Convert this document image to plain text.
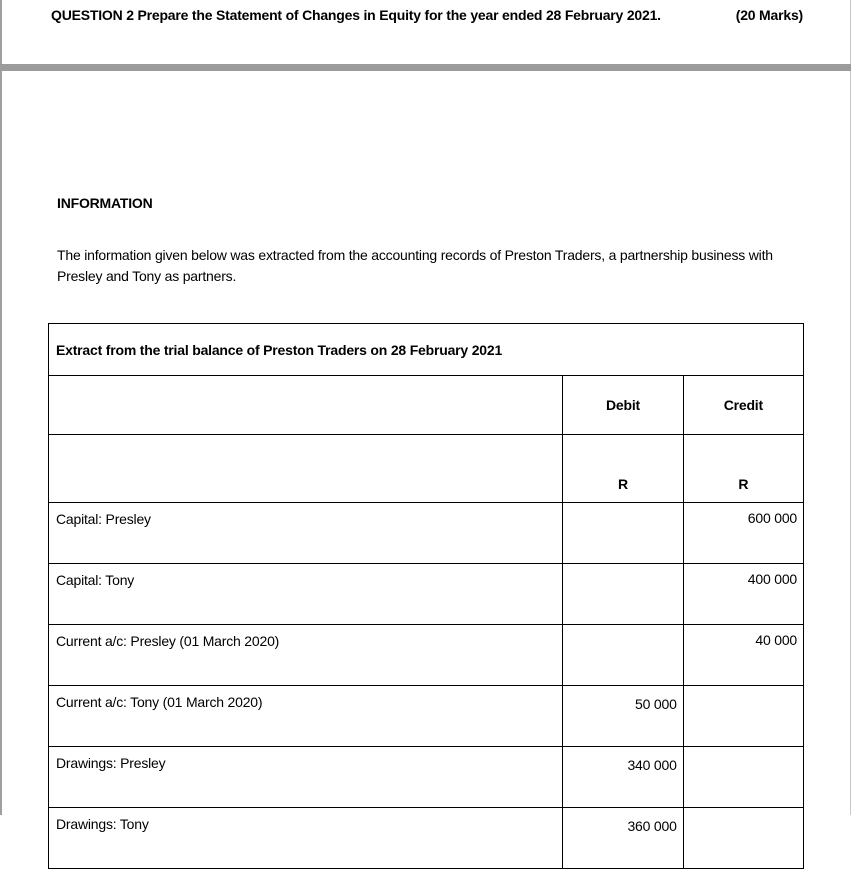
QUESTION 2 Prepare the Statement of Changes in Equity for the year ended 28 February 2021.	(20 Marks)
INFORMATION
The information given below was extracted from the accounting records of Preston Traders, a partnership business with Presley and Tony as partners.
Extract from the trial balance of Preston Traders on 28 February 2021		
	Debit	Credit
	R	R
Capital: Presley		600 000
Capital: Tony		400 000
Current a/c: Presley (01 March 2020)		40 000
Current a/c: Tony (01 March 2020)	50 000	
Drawings: Presley	340 000	
Drawings: Tony	360 000	
